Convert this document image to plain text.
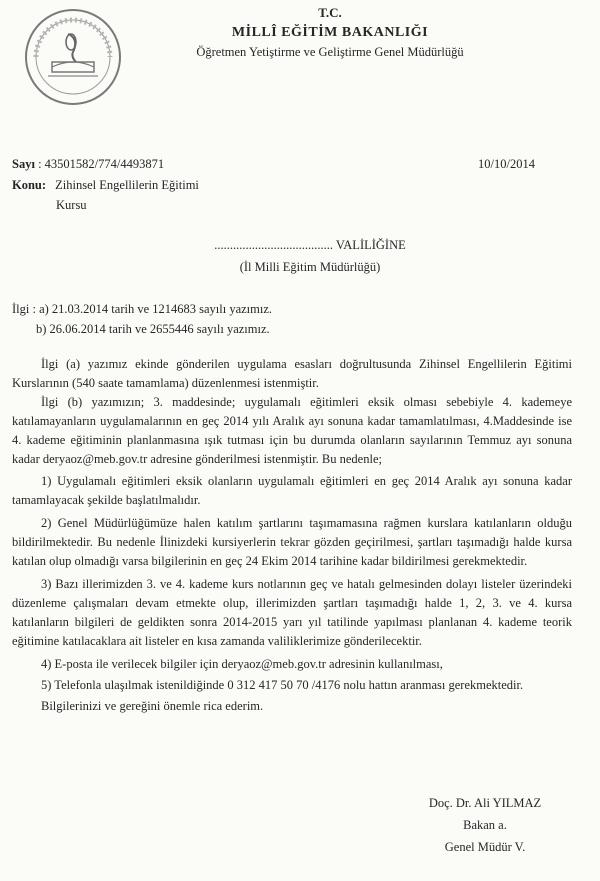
T.C.
MİLLÎ EĞİTİM BAKANLIĞI
Öğretmen Yetiştirme ve Geliştirme Genel Müdürlüğü
Sayı : 43501582/774/4493871	10/10/2014
Konu: Zihinsel Engellilerin Eğitimi
Kursu
...................................... VALİLİĞİNE
(İl Milli Eğitim Müdürlüğü)
İlgi : a) 21.03.2014 tarih ve 1214683 sayılı yazımız.
b) 26.06.2014 tarih ve 2655446 sayılı yazımız.
İlgi (a) yazımız ekinde gönderilen uygulama esasları doğrultusunda Zihinsel Engellilerin Eğitimi Kurslarının (540 saate tamamlama) düzenlenmesi istenmiştir.
İlgi (b) yazımızın; 3. maddesinde; uygulamalı eğitimleri eksik olması sebebiyle 4. kademeye katılamayanların uygulamalarının en geç 2014 yılı Aralık ayı sonuna kadar tamamlatılması, 4.Maddesinde ise 4. kademe eğitiminin planlanmasına ışık tutması için bu durumda olanların sayılarının Temmuz ayı sonuna kadar deryaoz@meb.gov.tr adresine gönderilmesi istenmiştir. Bu nedenle;
1) Uygulamalı eğitimleri eksik olanların uygulamalı eğitimleri en geç 2014 Aralık ayı sonuna kadar tamamlayacak şekilde başlatılmalıdır.
2) Genel Müdürlüğümüze halen katılım şartlarını taşımamasına rağmen kurslara katılanların olduğu bildirilmektedir. Bu nedenle İlinizdeki kursiyerlerin tekrar gözden geçirilmesi, şartları taşımadığı halde kursa katılan olup olmadığı varsa bilgilerinin en geç 24 Ekim 2014 tarihine kadar bildirilmesi gerekmektedir.
3) Bazı illerimizden 3. ve 4. kademe kurs notlarının geç ve hatalı gelmesinden dolayı listeler üzerindeki düzenleme çalışmaları devam etmekte olup, illerimizden şartları taşımadığı halde 1, 2, 3. ve 4. kursa katılanların bilgileri de geldikten sonra 2014-2015 yarı yıl tatilinde yapılması planlanan 4. kademe teorik eğitimine katılacaklara ait listeler en kısa zamanda valiliklerimize gönderilecektir.
4) E-posta ile verilecek bilgiler için deryaoz@meb.gov.tr adresinin kullanılması,
5) Telefonla ulaşılmak istenildiğinde 0 312 417 50 70 /4176 nolu hattın aranması gerekmektedir.
Bilgilerinizi ve gereğini önemle rica ederim.
Doç. Dr. Ali YILMAZ
Bakan a.
Genel Müdür V.
